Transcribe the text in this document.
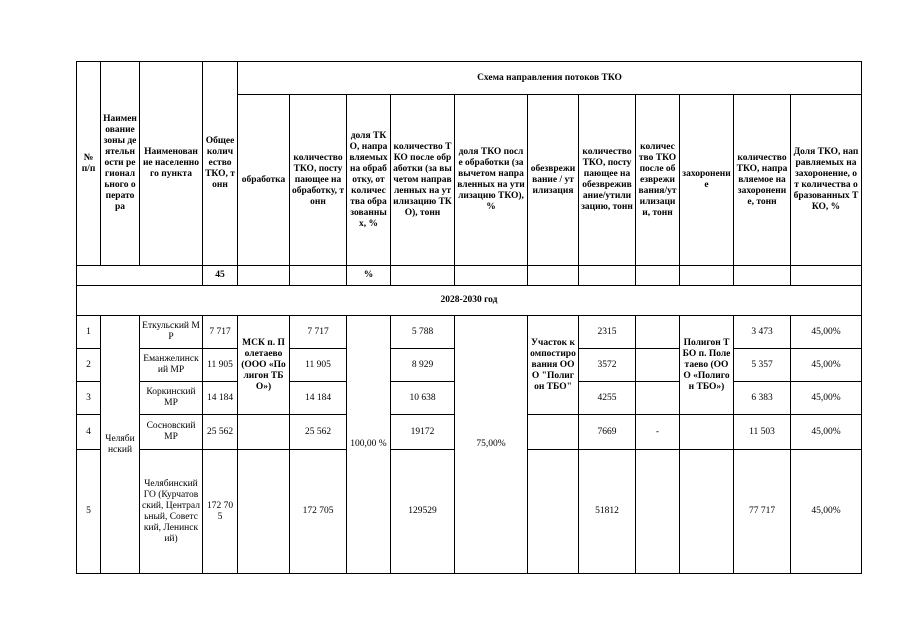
№ п/п	Наименование зоны деятельности регионального оператора	Наименование населенного пункта	Общее количество ТКО, тонн	Схема направления потоков ТКО										
				обработка	количество ТКО, поступающее на обработку, тонн	доля ТКО, направляемых на обработку, от количества образованных, %	количество ТКО после обработки (за вычетом направленных на утилизацию ТКО), тонн	доля ТКО после обработки (за вычетом направленных на утилизацию ТКО), %	обезвреживание / утилизация	количество ТКО, поступающее на обезвреживание/утилизацию, тонн	количество ТКО после обезвреживания/утилизации, тонн	захоронение	количество ТКО, направляемое на захоронение, тонн	Доля ТКО, направляемых на захоронение, от количества образованных ТКО, %
			45			%								
2028-2030 год														
1	Челябинский	Еткульский МР	7 717	МСК п. Полетаево (ООО «Полигон ТБО»)	7 717	100,00 %	5 788	75,00%	Участок компостирования ООО "Полигон ТБО"	2315		Полигон ТБО п. Полетаево (ООО «Полигон ТБО»)	3 473	45,00%
2		Еманжелинский МР	11 905		11 905		8 929			3572			5 357	45,00%
3		Коркинский МР	14 184		14 184		10 638			4255			6 383	45,00%
4		Сосновский МР	25 562		25 562		19172			7669	-		11 503	45,00%
5		Челябинский ГО (Курчатовский, Центральный, Советский, Ленинский)	172 705		172 705		129529			51812			77 717	45,00%
